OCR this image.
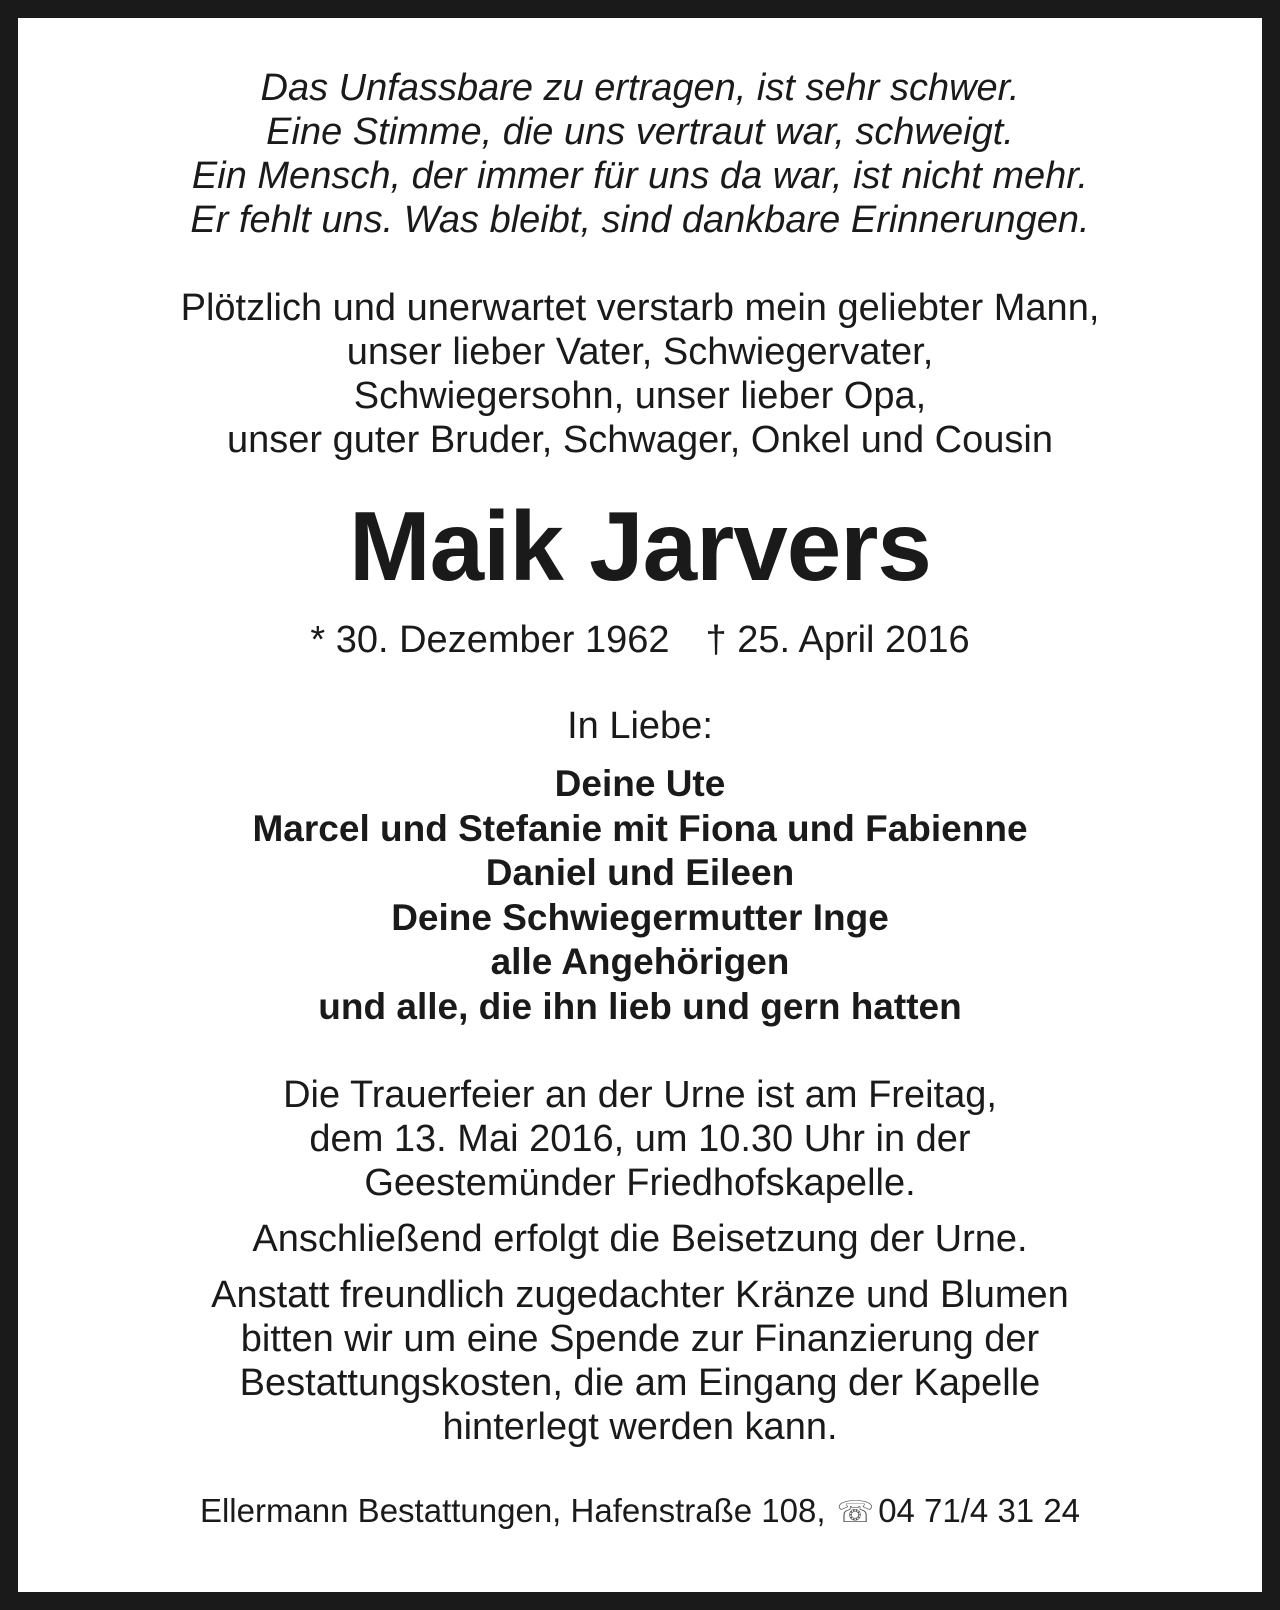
Das Unfassbare zu ertragen, ist sehr schwer.
Eine Stimme, die uns vertraut war, schweigt.
Ein Mensch, der immer für uns da war, ist nicht mehr.
Er fehlt uns. Was bleibt, sind dankbare Erinnerungen.
Plötzlich und unerwartet verstarb mein geliebter Mann,
unser lieber Vater, Schwiegervater,
Schwiegersohn, unser lieber Opa,
unser guter Bruder, Schwager, Onkel und Cousin
Maik Jarvers
* 30. Dezember 1962 † 25. April 2016
In Liebe:
Deine Ute
Marcel und Stefanie mit Fiona und Fabienne
Daniel und Eileen
Deine Schwiegermutter Inge
alle Angehörigen
und alle, die ihn lieb und gern hatten
Die Trauerfeier an der Urne ist am Freitag,
dem 13. Mai 2016, um 10.30 Uhr in der
Geestemünder Friedhofskapelle.
Anschließend erfolgt die Beisetzung der Urne.
Anstatt freundlich zugedachter Kränze und Blumen
bitten wir um eine Spende zur Finanzierung der
Bestattungskosten, die am Eingang der Kapelle
hinterlegt werden kann.
Ellermann Bestattungen, Hafenstraße 108, ☏ 04 71/4 31 24
